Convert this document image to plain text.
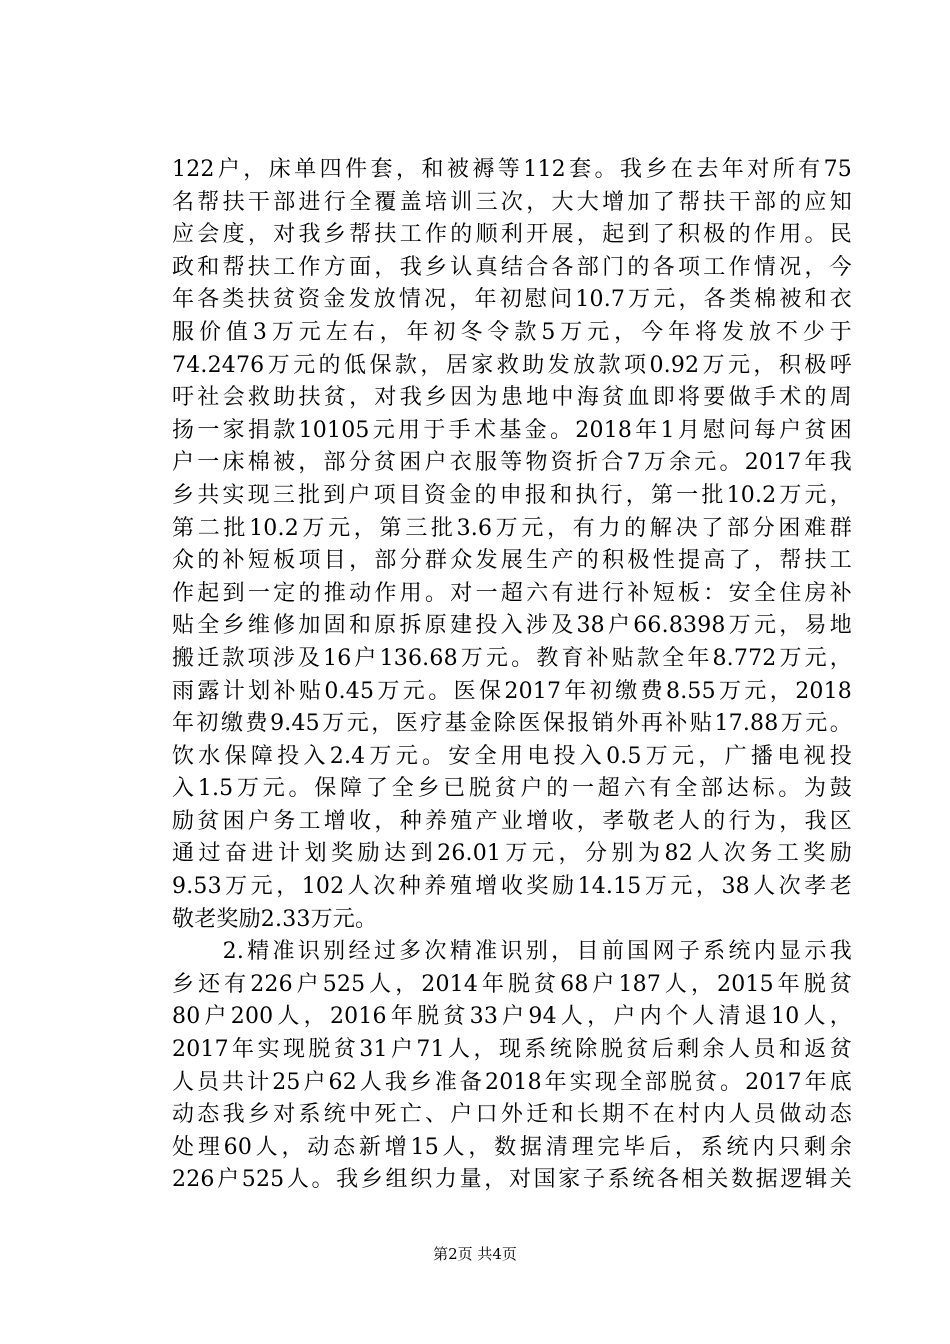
122户，床单四件套，和被褥等112套。我乡在去年对所有75
名帮扶干部进行全覆盖培训三次，大大增加了帮扶干部的应知
应会度，对我乡帮扶工作的顺利开展，起到了积极的作用。民
政和帮扶工作方面，我乡认真结合各部门的各项工作情况，今
年各类扶贫资金发放情况，年初慰问10.7万元，各类棉被和衣
服价值3万元左右，年初冬令款5万元，今年将发放不少于
74.2476万元的低保款，居家救助发放款项0.92万元，积极呼
吁社会救助扶贫，对我乡因为患地中海贫血即将要做手术的周
扬一家捐款10105元用于手术基金。2018年1月慰问每户贫困
户一床棉被，部分贫困户衣服等物资折合7万余元。2017年我
乡共实现三批到户项目资金的申报和执行，第一批10.2万元，
第二批10.2万元，第三批3.6万元，有力的解决了部分困难群
众的补短板项目，部分群众发展生产的积极性提高了，帮扶工
作起到一定的推动作用。对一超六有进行补短板：安全住房补
贴全乡维修加固和原拆原建投入涉及38户66.8398万元，易地
搬迁款项涉及16户136.68万元。教育补贴款全年8.772万元，
雨露计划补贴0.45万元。医保2017年初缴费8.55万元，2018
年初缴费9.45万元，医疗基金除医保报销外再补贴17.88万元。
饮水保障投入2.4万元。安全用电投入0.5万元，广播电视投
入1.5万元。保障了全乡已脱贫户的一超六有全部达标。为鼓
励贫困户务工增收，种养殖产业增收，孝敬老人的行为，我区
通过奋进计划奖励达到26.01万元，分别为82人次务工奖励
9.53万元，102人次种养殖增收奖励14.15万元，38人次孝老
敬老奖励2.33万元。
　　2.精准识别经过多次精准识别，目前国网子系统内显示我
乡还有226户525人，2014年脱贫68户187人，2015年脱贫
80户200人，2016年脱贫33户94人，户内个人清退10人，
2017年实现脱贫31户71人，现系统除脱贫后剩余人员和返贫
人员共计25户62人我乡准备2018年实现全部脱贫。2017年底
动态我乡对系统中死亡、户口外迁和长期不在村内人员做动态
处理60人，动态新增15人，数据清理完毕后，系统内只剩余
226户525人。我乡组织力量，对国家子系统各相关数据逻辑关
第2页 共4页
